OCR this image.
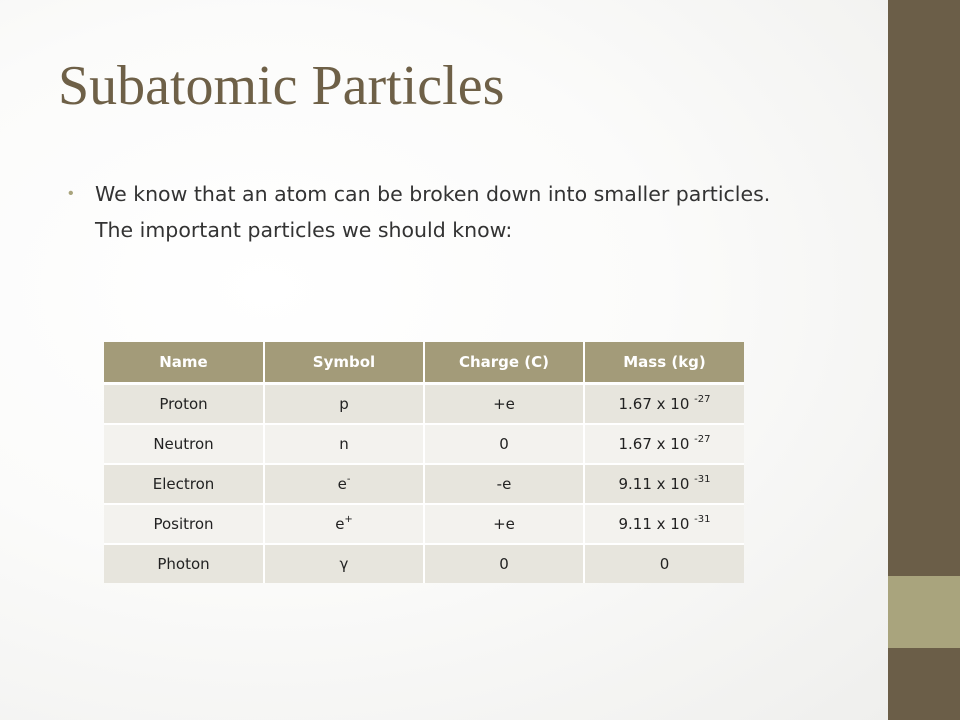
Subatomic Particles
•	We know that an atom can be broken down into smaller particles. The important particles we should know:
Name	Symbol	Charge (C)	Mass (kg)
Proton	p	+e	1.67 x 10 $^{-27}$
Neutron	n	0	1.67 x 10 $^{-27}$
Electron	e-	-e	9.11 x 10 $^{-31}$
Positron	e+	+e	9.11 x 10 $^{-31}$
Photon	γ	0	0
